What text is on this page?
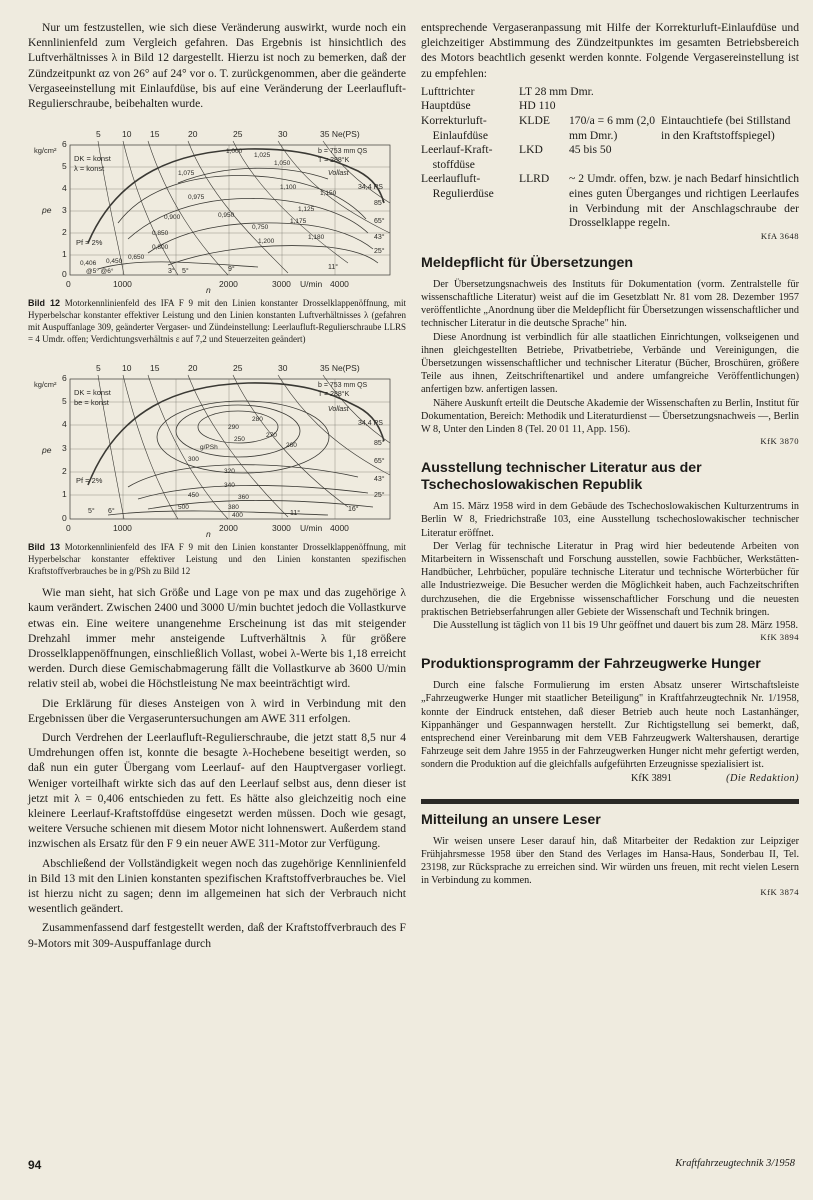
Nur um festzustellen, wie sich diese Veränderung auswirkt, wurde noch ein Kennlinienfeld zum Vergleich gefahren. Das Ergebnis ist hinsichtlich des Luftverhältnisses λ in Bild 12 dargestellt. Hierzu ist noch zu bemerken, daß der Zündzeitpunkt αz von 26° auf 24° vor o. T. zurückgenommen, aber die geänderte Vergaseeinstellung mit Einlaufdüse, bis auf eine Veränderung der Leerlaufluft-Regulierschraube, beibehalten wurde.

5	10 15	20	25	30	35 Ne(PS)
kg/cm²
6
5
4
3
2
1
0
pe
0	1000	2000	3000 U/min 4000
n
DK = konst
λ = konst
b = 753 mm QS
T = 288°K
Vollast
34,4 PS
Pf = 2%
85°
65°
43°
25°
11°
9°
5°
3°
1,000
1,025
1,050
1,075
1,100
1,150
1,125
0,975
0,950
0,900
0,850
0,800
0,750
1,175
0,406 0,450
0,650
1,180
1,200
@5° @6°
Bild 12 Motorkennlinienfeld des IFA F 9 mit den Linien konstanter Drosselklappenöffnung, mit Hyperbelschar konstanter effektiver Leistung und den Linien konstanten Luftverhältnisses λ (gefahren mit Auspuffanlage 309, geänderter Vergaser- und Zündeinstellung: Leerlaufluft-Regulierschraube LLRS = 4 Umdr. offen; Verdichtungsverhältnis ε auf 7,2 und Steuerzeiten geändert)
5	10 15	20	25	30	35 Ne(PS)
kg/cm²
6
5
4
3
2
1
0
pe
0	1000	2000	3000 U/min 4000
n
DK = konst
be = konst
b = 753 mm QS
T = 288°K
Vollast
34,4 PS
Pf = 2%
g/PSh
290
280
270
260
250
300
320
340
360
380
400
450
500
85°
65°
43°
25°
16°
11°
5° 6°
Bild 13 Motorkennlinienfeld des IFA F 9 mit den Linien konstanter Drosselklappenöffnung, mit Hyperbelschar konstanter effektiver Leistung und den Linien konstanten spezifischen Kraftstoffverbrauches be in g/PSh zu Bild 12

Wie man sieht, hat sich Größe und Lage von pe max und das zugehörige λ kaum verändert. Zwischen 2400 und 3000 U/min buchtet jedoch die Vollastkurve etwas ein. Eine weitere unangenehme Erscheinung ist das mit steigender Drehzahl immer mehr ansteigende Luftverhältnis λ für größere Drosselklappenöffnungen, einschließlich Vollast, wobei λ-Werte bis 1,18 erreicht werden. Durch diese Gemischabmagerung fällt die Vollastkurve ab 3600 U/min relativ steil ab, wobei die Höchstleistung Ne max beeinträchtigt wird.

Die Erklärung für dieses Ansteigen von λ wird in Verbindung mit den Ergebnissen über die Vergaseruntersuchungen am AWE 311 erfolgen.

Durch Verdrehen der Leerlaufluft-Regulierschraube, die jetzt statt 8,5 nur 4 Umdrehungen offen ist, konnte die besagte λ-Hochebene beseitigt werden, so daß nun ein guter Übergang vom Leerlauf- auf den Hauptvergaser vorliegt. Weniger vorteilhaft wirkte sich das auf den Leerlauf selbst aus, denn dieser ist jetzt mit λ = 0,406 entschieden zu fett. Es hätte also gleichzeitig noch eine kleinere Leerlauf-Kraftstoffdüse eingesetzt werden müssen. Doch wie gesagt, weitere Versuche schienen mit diesem Motor nicht lohnenswert. Außerdem stand inzwischen als Ersatz für den F 9 ein neuer AWE 311-Motor zur Verfügung.

Abschließend der Vollständigkeit wegen noch das zugehörige Kennlinienfeld in Bild 13 mit den Linien konstanten spezifischen Kraftstoffverbrauches be. Viel ist hierzu nicht zu sagen; denn im allgemeinen hat sich der Verbrauch nicht wesentlich geändert.

Zusammenfassend darf festgestellt werden, daß der Kraftstoffverbrauch des F 9-Motors mit 309-Auspuffanlage durch

entsprechende Vergaseranpassung mit Hilfe der Korrekturluft-Einlaufdüse und gleichzeitiger Abstimmung des Zündzeitpunktes im gesamten Betriebsbereich des Motors beachtlich gesenkt werden konnte. Folgende Vergasereinstellung ist zu empfehlen:

Lufttrichter	LT 28 mm Dmr.		
Hauptdüse	HD 110		
Korrekturluft-    Einlaufdüse	KLDE	170/a = 6 mm (2,0 mm Dmr.)	Eintauchtiefe (bei Stillstand in den Kraftstoffspiegel)
Leerlauf-Kraft-    stoffdüse	LKD	45 bis 50	
Leerlaufluft-    Regulierdüse	LLRD	~ 2 Umdr. offen, bzw. je nach Bedarf hinsichtlich eines guten Überganges und richtigen Leerlaufes in Verbindung mit der Anschlagschraube der Drosselklappe regeln.	
KfA 3648
Meldepflicht für Übersetzungen

Der Übersetzungsnachweis des Instituts für Dokumentation (vorm. Zentralstelle für wissenschaftliche Literatur) weist auf die im Gesetzblatt Nr. 81 vom 28. Dezember 1957 veröffentlichte „Anordnung über die Meldepflicht für Übersetzungen wissenschaftlicher und technischer Literatur in die deutsche Sprache" hin.

Diese Anordnung ist verbindlich für alle staatlichen Einrichtungen, volkseigenen und ihnen gleichgestellten Betriebe, Privatbetriebe, Verbände und Vereinigungen, die Übersetzungen wissenschaftlicher und technischer Literatur (Bücher, Broschüren, größere Teile aus ihnen, Zeitschriftenartikel und andere umfangreiche Veröffentlichungen) anfertigen bzw. anfertigen lassen.

Nähere Auskunft erteilt die Deutsche Akademie der Wissenschaften zu Berlin, Institut für Dokumentation, Bereich: Methodik und Literaturdienst — Übersetzungsnachweis —, Berlin W 8, Unter den Linden 8 (Tel. 20 01 11, App. 156).

KfK 3870
Ausstellung technischer Literatur aus der Tschechoslowakischen Republik

Am 15. März 1958 wird in dem Gebäude des Tschechoslowakischen Kulturzentrums in Berlin W 8, Friedrichstraße 103, eine Ausstellung tschechoslowakischer technischer Literatur eröffnet.

Der Verlag für technische Literatur in Prag wird hier bedeutende Arbeiten von Mitarbeitern in Wissenschaft und Forschung ausstellen, sowie Fachbücher, Werkstätten-Handbücher, Lehrbücher, populäre technische Literatur und technische Wörterbücher für alle Industriezweige. Die Besucher werden die Möglichkeit haben, auch Fachzeitschriften durchzusehen, die die Ergebnisse wissenschaftlicher Forschung und die neuesten praktischen Betriebserfahrungen aller Gebiete der Wissenschaft und Technik bringen.

Die Ausstellung ist täglich von 11 bis 19 Uhr geöffnet und dauert bis zum 28. März 1958.

KfK 3894
Produktionsprogramm der Fahrzeugwerke Hunger

Durch eine falsche Formulierung im ersten Absatz unserer Wirtschaftsleiste „Fahrzeugwerke Hunger mit staatlicher Beteiligung" in Kraftfahrzeugtechnik Nr. 1/1958, konnte der Eindruck entstehen, daß dieser Betrieb auch heute noch Lastanhänger, Kippanhänger und Gespannwagen herstellt. Zur Richtigstellung sei bemerkt, daß, entsprechend einer Vereinbarung mit dem VEB Fahrzeugwerk Waltershausen, derartige Fahrzeuge seit dem Jahre 1955 in der Fahrzeugwerken Hunger nicht mehr gefertigt werden, sondern die Produktion auf die gleichfalls aufgeführten Erzeugnisse spezialisiert ist.

KfK 3891	(Die Redaktion)
Mitteilung an unsere Leser

Wir weisen unsere Leser darauf hin, daß Mitarbeiter der Redaktion zur Leipziger Frühjahrsmesse 1958 über den Stand des Verlages im Hansa-Haus, Sonderbau II, Tel. 23198, zur Rücksprache zu erreichen sind. Wir würden uns freuen, mit recht vielen Lesern in Verbindung zu kommen.

KfK 3874
94	Kraftfahrzeugtechnik 3/1958
